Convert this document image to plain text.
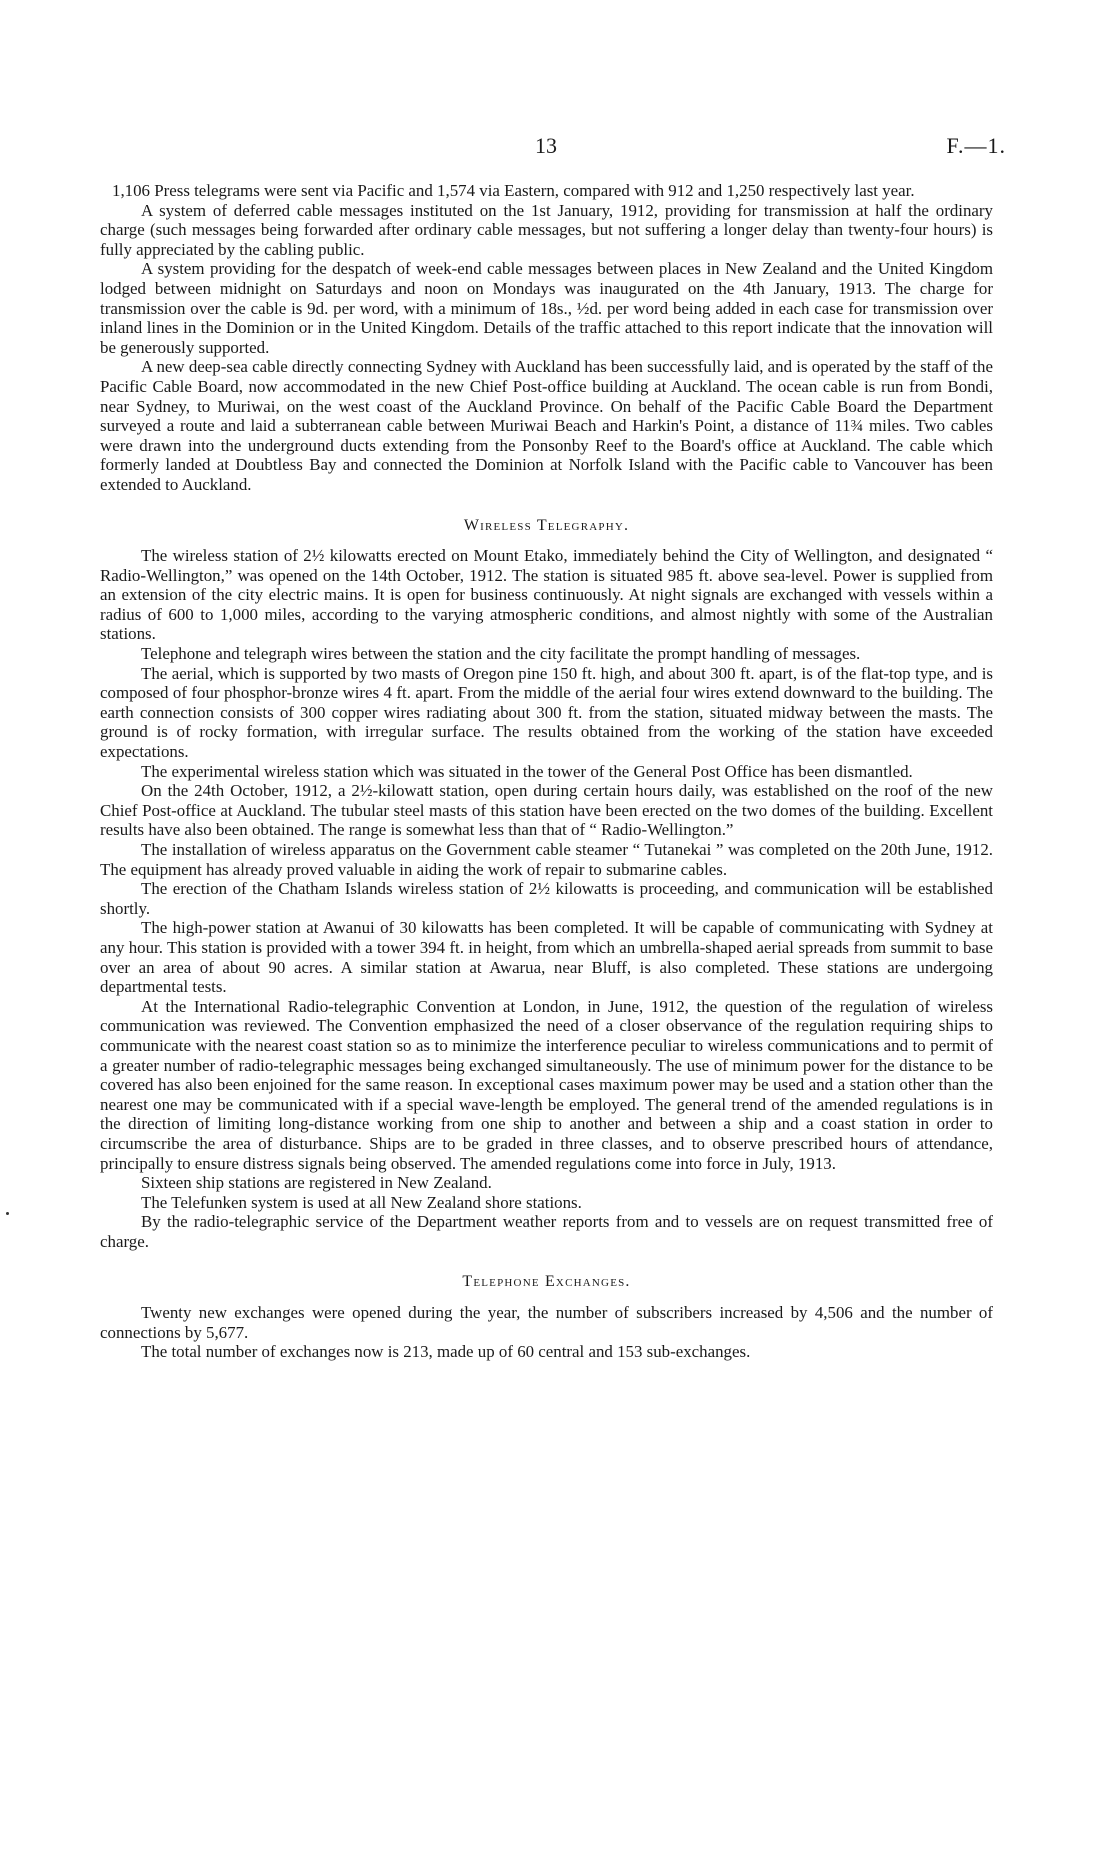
13	F.—1.

1,106 Press telegrams were sent via Pacific and 1,574 via Eastern, compared with 912 and 1,250 respectively last year.

A system of deferred cable messages instituted on the 1st January, 1912, providing for transmission at half the ordinary charge (such messages being forwarded after ordinary cable messages, but not suffering a longer delay than twenty-four hours) is fully appreciated by the cabling public.

A system providing for the despatch of week-end cable messages between places in New Zealand and the United Kingdom lodged between midnight on Saturdays and noon on Mondays was inaugurated on the 4th January, 1913. The charge for transmission over the cable is 9d. per word, with a minimum of 18s., ½d. per word being added in each case for transmission over inland lines in the Dominion or in the United Kingdom. Details of the traffic attached to this report indicate that the innovation will be generously supported.

A new deep-sea cable directly connecting Sydney with Auckland has been successfully laid, and is operated by the staff of the Pacific Cable Board, now accommodated in the new Chief Post-office building at Auckland. The ocean cable is run from Bondi, near Sydney, to Muriwai, on the west coast of the Auckland Province. On behalf of the Pacific Cable Board the Department surveyed a route and laid a subterranean cable between Muriwai Beach and Harkin's Point, a distance of 11¾ miles. Two cables were drawn into the underground ducts extending from the Ponsonby Reef to the Board's office at Auckland. The cable which formerly landed at Doubtless Bay and connected the Dominion at Norfolk Island with the Pacific cable to Vancouver has been extended to Auckland.

Wireless Telegraphy.

The wireless station of 2½ kilowatts erected on Mount Etako, immediately behind the City of Wellington, and designated “ Radio-Wellington,” was opened on the 14th October, 1912. The station is situated 985 ft. above sea-level. Power is supplied from an extension of the city electric mains. It is open for business continuously. At night signals are exchanged with vessels within a radius of 600 to 1,000 miles, according to the varying atmospheric conditions, and almost nightly with some of the Australian stations.

Telephone and telegraph wires between the station and the city facilitate the prompt handling of messages.

The aerial, which is supported by two masts of Oregon pine 150 ft. high, and about 300 ft. apart, is of the flat-top type, and is composed of four phosphor-bronze wires 4 ft. apart. From the middle of the aerial four wires extend downward to the building. The earth connection consists of 300 copper wires radiating about 300 ft. from the station, situated midway between the masts. The ground is of rocky formation, with irregular surface. The results obtained from the working of the station have exceeded expectations.

The experimental wireless station which was situated in the tower of the General Post Office has been dismantled.

On the 24th October, 1912, a 2½-kilowatt station, open during certain hours daily, was established on the roof of the new Chief Post-office at Auckland. The tubular steel masts of this station have been erected on the two domes of the building. Excellent results have also been obtained. The range is somewhat less than that of “ Radio-Wellington.”

The installation of wireless apparatus on the Government cable steamer “ Tutanekai ” was completed on the 20th June, 1912. The equipment has already proved valuable in aiding the work of repair to submarine cables.

The erection of the Chatham Islands wireless station of 2½ kilowatts is proceeding, and communication will be established shortly.

The high-power station at Awanui of 30 kilowatts has been completed. It will be capable of communicating with Sydney at any hour. This station is provided with a tower 394 ft. in height, from which an umbrella-shaped aerial spreads from summit to base over an area of about 90 acres. A similar station at Awarua, near Bluff, is also completed. These stations are undergoing departmental tests.

At the International Radio-telegraphic Convention at London, in June, 1912, the question of the regulation of wireless communication was reviewed. The Convention emphasized the need of a closer observance of the regulation requiring ships to communicate with the nearest coast station so as to minimize the interference peculiar to wireless communications and to permit of a greater number of radio-telegraphic messages being exchanged simultaneously. The use of minimum power for the distance to be covered has also been enjoined for the same reason. In exceptional cases maximum power may be used and a station other than the nearest one may be communicated with if a special wave-length be employed. The general trend of the amended regulations is in the direction of limiting long-distance working from one ship to another and between a ship and a coast station in order to circumscribe the area of disturbance. Ships are to be graded in three classes, and to observe prescribed hours of attendance, principally to ensure distress signals being observed. The amended regulations come into force in July, 1913.

Sixteen ship stations are registered in New Zealand.

The Telefunken system is used at all New Zealand shore stations.

By the radio-telegraphic service of the Department weather reports from and to vessels are on request transmitted free of charge.

Telephone Exchanges.

Twenty new exchanges were opened during the year, the number of subscribers increased by 4,506 and the number of connections by 5,677.

The total number of exchanges now is 213, made up of 60 central and 153 sub-exchanges.
